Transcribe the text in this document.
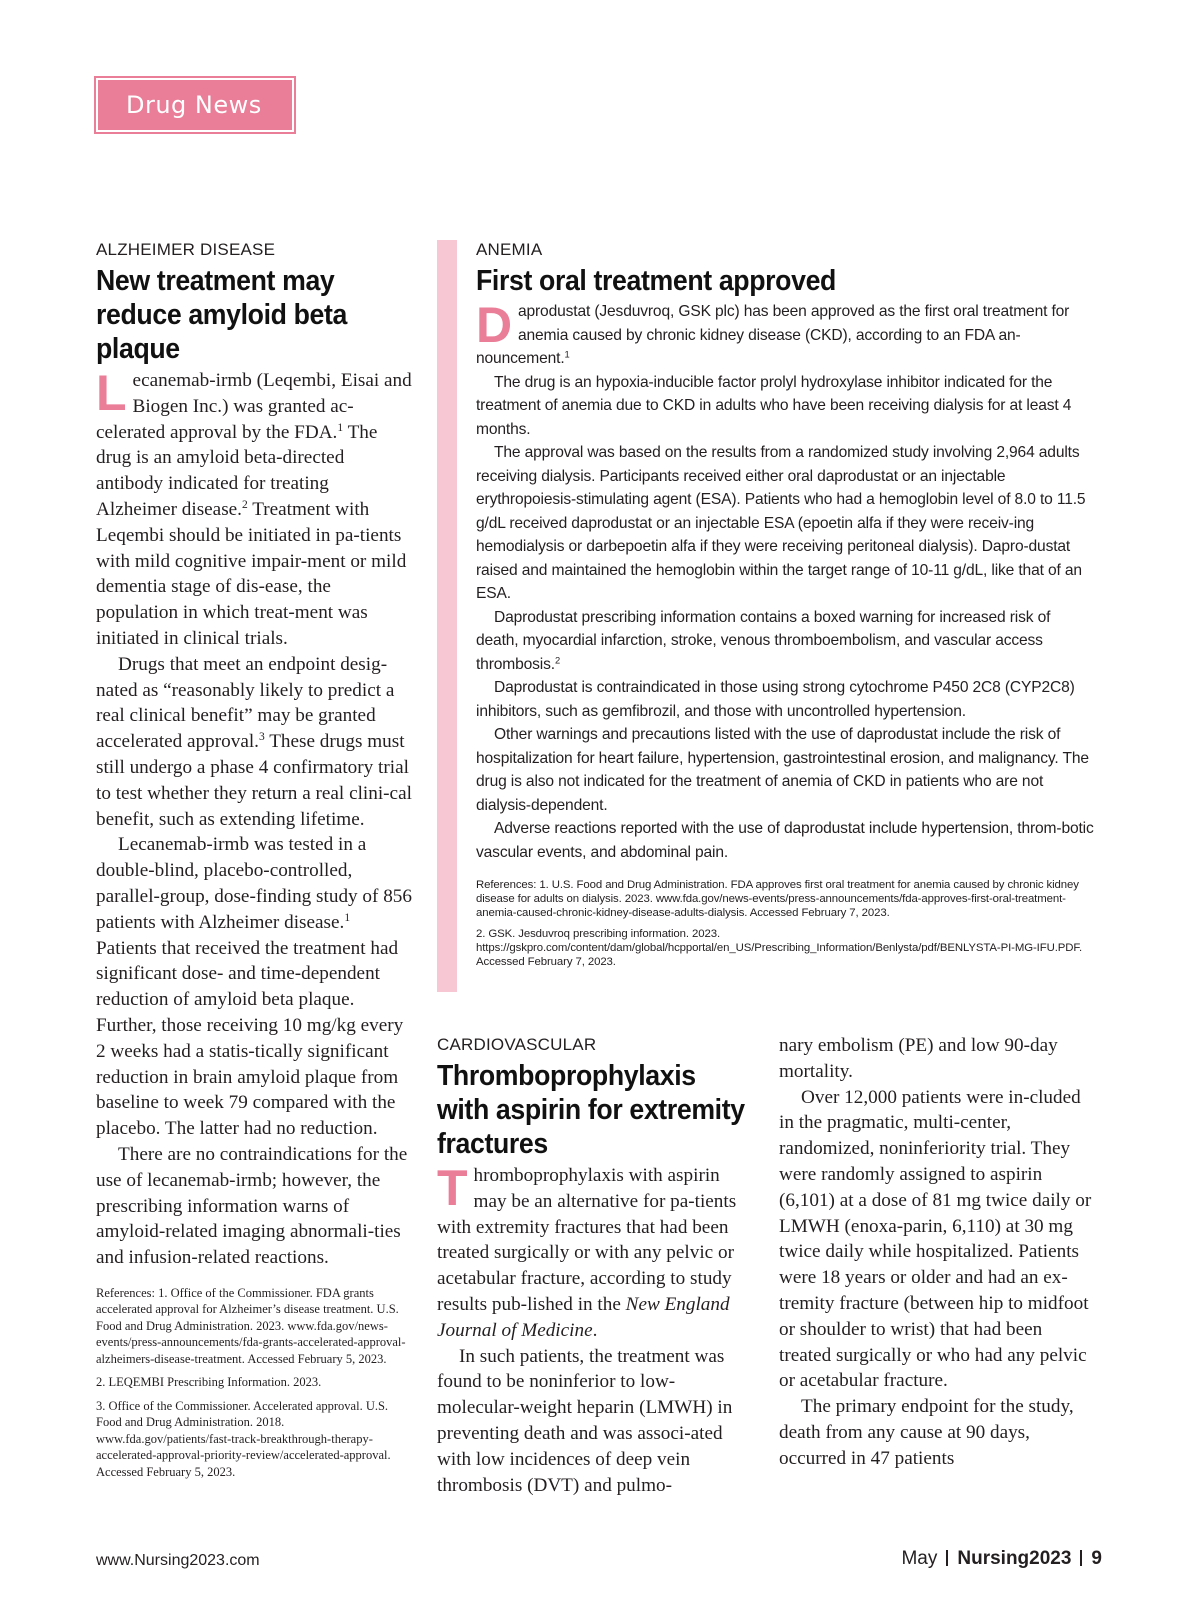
Drug News
ALZHEIMER DISEASE
New treatment may reduce amyloid beta plaque

Lecanemab-irmb (Leqembi, Eisai and Biogen Inc.) was granted ac-celerated approval by the FDA.$^1$ The drug is an amyloid beta-directed antibody indicated for treating Alzheimer disease.$^2$ Treatment with Leqembi should be initiated in pa-tients with mild cognitive impair-ment or mild dementia stage of dis-ease, the population in which treat-ment was initiated in clinical trials.

Drugs that meet an endpoint desig-nated as “reasonably likely to predict a real clinical benefit” may be granted accelerated approval.$^3$ These drugs must still undergo a phase 4 confirmatory trial to test whether they return a real clini-cal benefit, such as extending lifetime.

Lecanemab-irmb was tested in a double-blind, placebo-controlled, parallel-group, dose-finding study of 856 patients with Alzheimer disease.$^1$ Patients that received the treatment had significant dose- and time-dependent reduction of amyloid beta plaque. Further, those receiving 10 mg/kg every 2 weeks had a statis-tically significant reduction in brain amyloid plaque from baseline to week 79 compared with the placebo. The latter had no reduction.

There are no contraindications for the use of lecanemab-irmb; however, the prescribing information warns of amyloid-related imaging abnormali-ties and infusion-related reactions.

References: 1. Office of the Commissioner. FDA grants accelerated approval for Alzheimer’s disease treatment. U.S. Food and Drug Administration. 2023. www.fda.gov/news-events/press-announcements/fda-grants-accelerated-approval-alzheimers-disease-treatment. Accessed February 5, 2023.
2. LEQEMBI Prescribing Information. 2023.
3. Office of the Commissioner. Accelerated approval. U.S. Food and Drug Administration. 2018. www.fda.gov/patients/fast-track-breakthrough-therapy-accelerated-approval-priority-review/accelerated-approval. Accessed February 5, 2023.
ANEMIA
First oral treatment approved

Daprodustat (Jesduvroq, GSK plc) has been approved as the first oral treatment for anemia caused by chronic kidney disease (CKD), according to an FDA an-nouncement.$^1$

The drug is an hypoxia-inducible factor prolyl hydroxylase inhibitor indicated for the treatment of anemia due to CKD in adults who have been receiving dialysis for at least 4 months.

The approval was based on the results from a randomized study involving 2,964 adults receiving dialysis. Participants received either oral daprodustat or an injectable erythropoiesis-stimulating agent (ESA). Patients who had a hemoglobin level of 8.0 to 11.5 g/dL received daprodustat or an injectable ESA (epoetin alfa if they were receiv-ing hemodialysis or darbepoetin alfa if they were receiving peritoneal dialysis). Dapro-dustat raised and maintained the hemoglobin within the target range of 10-11 g/dL, like that of an ESA.

Daprodustat prescribing information contains a boxed warning for increased risk of death, myocardial infarction, stroke, venous thromboembolism, and vascular access thrombosis.$^2$

Daprodustat is contraindicated in those using strong cytochrome P450 2C8 (CYP2C8) inhibitors, such as gemfibrozil, and those with uncontrolled hypertension.

Other warnings and precautions listed with the use of daprodustat include the risk of hospitalization for heart failure, hypertension, gastrointestinal erosion, and malignancy. The drug is also not indicated for the treatment of anemia of CKD in patients who are not dialysis-dependent.

Adverse reactions reported with the use of daprodustat include hypertension, throm-botic vascular events, and abdominal pain.

References: 1. U.S. Food and Drug Administration. FDA approves first oral treatment for anemia caused by chronic kidney disease for adults on dialysis. 2023. www.fda.gov/news-events/press-announcements/fda-approves-first-oral-treatment-anemia-caused-chronic-kidney-disease-adults-dialysis. Accessed February 7, 2023.
2. GSK. Jesduvroq prescribing information. 2023. https://gskpro.com/content/dam/global/hcpportal/en_US/Prescribing_Information/Benlysta/pdf/BENLYSTA-PI-MG-IFU.PDF. Accessed February 7, 2023.
CARDIOVASCULAR
Thromboprophylaxis with aspirin for extremity fractures

Thromboprophylaxis with aspirin may be an alternative for pa-tients with extremity fractures that had been treated surgically or with any pelvic or acetabular fracture, according to study results pub-lished in the New England Journal of Medicine.

In such patients, the treatment was found to be noninferior to low-molecular-weight heparin (LMWH) in preventing death and was associ-ated with low incidences of deep vein thrombosis (DVT) and pulmo-

nary embolism (PE) and low 90-day mortality.

Over 12,000 patients were in-cluded in the pragmatic, multi-center, randomized, noninferiority trial. They were randomly assigned to aspirin (6,101) at a dose of 81 mg twice daily or LMWH (enoxa-parin, 6,110) at 30 mg twice daily while hospitalized. Patients were 18 years or older and had an ex-tremity fracture (between hip to midfoot or shoulder to wrist) that had been treated surgically or who had any pelvic or acetabular fracture.

The primary endpoint for the study, death from any cause at 90 days, occurred in 47 patients

www.Nursing2023.com	May Nursing2023 9
